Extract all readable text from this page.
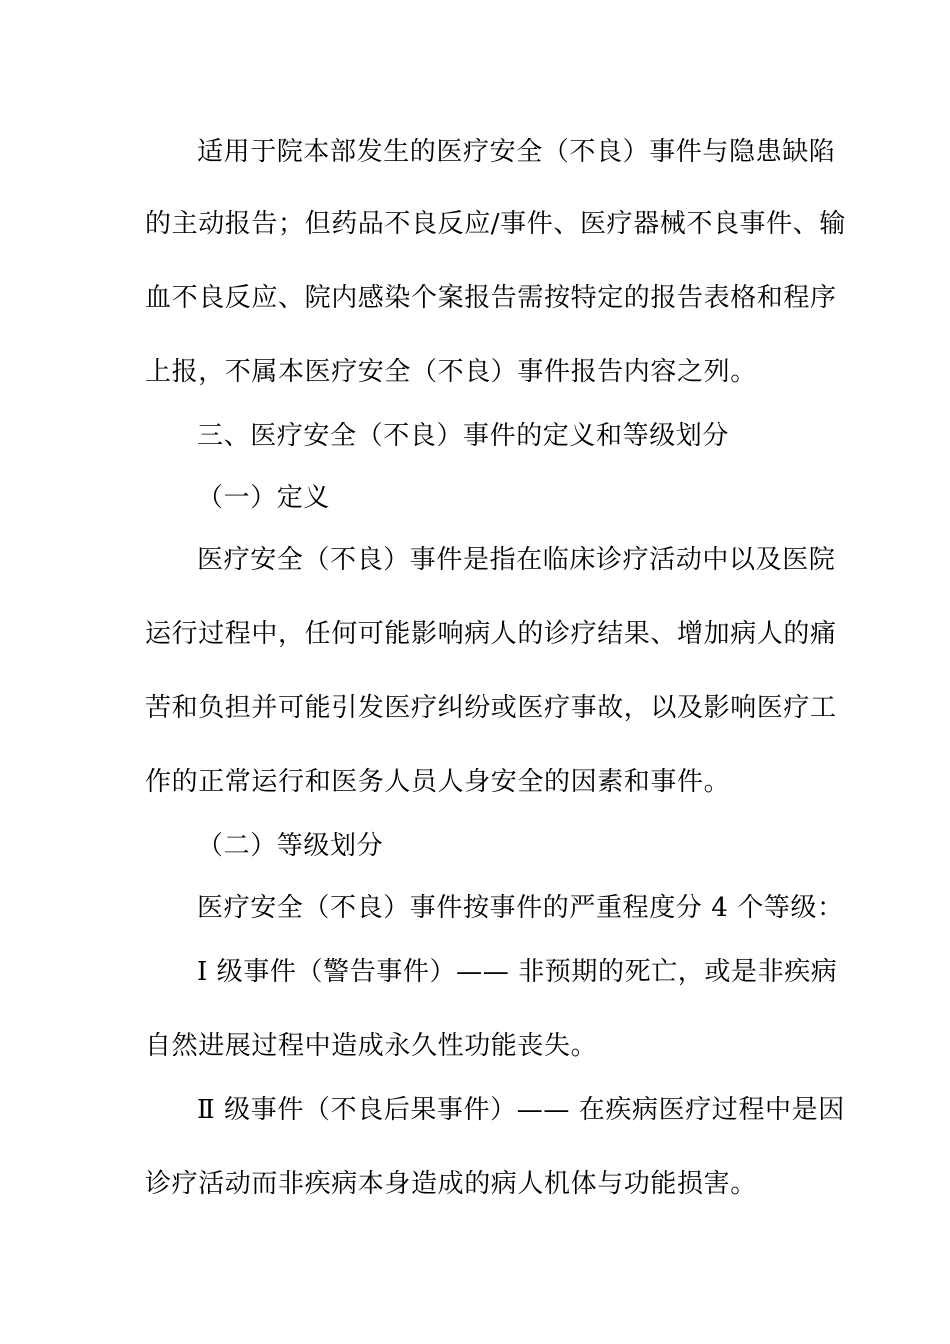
适用于院本部发生的医疗安全（不良）事件与隐患缺陷
的主动报告；但药品不良反应/事件、医疗器械不良事件、输
血不良反应、院内感染个案报告需按特定的报告表格和程序
上报，不属本医疗安全（不良）事件报告内容之列。
三、医疗安全（不良）事件的定义和等级划分
（一）定义
医疗安全（不良）事件是指在临床诊疗活动中以及医院
运行过程中，任何可能影响病人的诊疗结果、增加病人的痛
苦和负担并可能引发医疗纠纷或医疗事故，以及影响医疗工
作的正常运行和医务人员人身安全的因素和事件。
（二）等级划分
医疗安全（不良）事件按事件的严重程度分 4 个等级：
Ⅰ 级事件（警告事件）—— 非预期的死亡，或是非疾病
自然进展过程中造成永久性功能丧失。
Ⅱ 级事件（不良后果事件）—— 在疾病医疗过程中是因
诊疗活动而非疾病本身造成的病人机体与功能损害。
